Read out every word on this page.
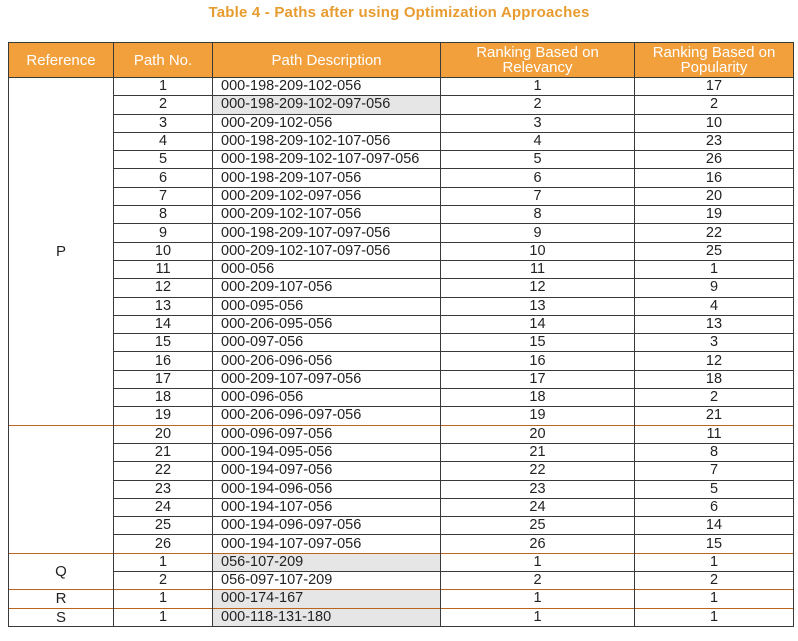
Table 4 - Paths after using Optimization Approaches
Reference	Path No.	Path Description	Ranking Based on Relevancy	Ranking Based on Popularity
P	1	000-198-209-102-056	1	17
	2	000-198-209-102-097-056	2	2
	3	000-209-102-056	3	10
	4	000-198-209-102-107-056	4	23
	5	000-198-209-102-107-097-056	5	26
	6	000-198-209-107-056	6	16
	7	000-209-102-097-056	7	20
	8	000-209-102-107-056	8	19
	9	000-198-209-107-097-056	9	22
	10	000-209-102-107-097-056	10	25
	11	000-056	11	1
	12	000-209-107-056	12	9
	13	000-095-056	13	4
	14	000-206-095-056	14	13
	15	000-097-056	15	3
	16	000-206-096-056	16	12
	17	000-209-107-097-056	17	18
	18	000-096-056	18	2
	19	000-206-096-097-056	19	21
	20	000-096-097-056	20	11
	21	000-194-095-056	21	8
	22	000-194-097-056	22	7
	23	000-194-096-056	23	5
	24	000-194-107-056	24	6
	25	000-194-096-097-056	25	14
	26	000-194-107-097-056	26	15
Q	1	056-107-209	1	1
	2	056-097-107-209	2	2
R	1	000-174-167	1	1
S	1	000-118-131-180	1	1
